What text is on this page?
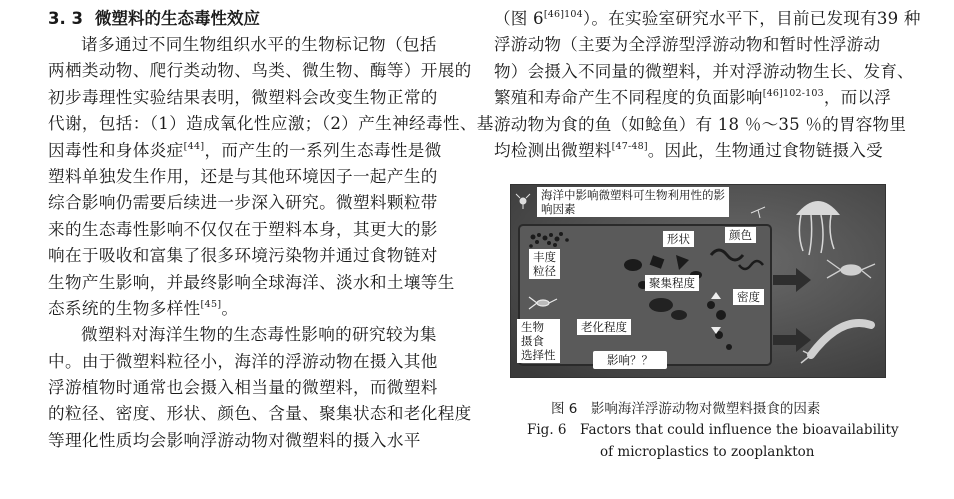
3. 3 微塑料的生态毒性效应
诸多通过不同生物组织水平的生物标记物（包括
两栖类动物、爬行类动物、鸟类、微生物、酶等）开展的
初步毒理性实验结果表明，微塑料会改变生物正常的
代谢，包括：（1）造成氧化性应激；（2）产生神经毒性、基
因毒性和身体炎症[44]，而产生的一系列生态毒性是微
塑料单独发生作用，还是与其他环境因子一起产生的
综合影响仍需要后续进一步深入研究。微塑料颗粒带
来的生态毒性影响不仅仅在于塑料本身，其更大的影
响在于吸收和富集了很多环境污染物并通过食物链对
生物产生影响，并最终影响全球海洋、淡水和土壤等生
态系统的生物多样性[45]。
微塑料对海洋生物的生态毒性影响的研究较为集
中。由于微塑料粒径小，海洋的浮游动物在摄入其他
浮游植物时通常也会摄入相当量的微塑料，而微塑料
的粒径、密度、形状、颜色、含量、聚集状态和老化程度
等理化性质均会影响浮游动物对微塑料的摄入水平
（图 $6^{[46]104}$）。在实验室研究水平下，目前已发现有39 种
浮游动物（主要为全浮游型浮游动物和暂时性浮游动
物）会摄入不同量的微塑料，并对浮游动物生长、发育、
繁殖和寿命产生不同程度的负面影响$^{[46]102-103}$，而以浮
游动物为食的鱼（如鲶鱼）有 18 ％～35 ％的胃容物里
均检测出微塑料[47-48]。因此，生物通过食物链摄入受
海洋中影响微塑料可生物利用性的影
响因素
形状	颜色
丰度
粒径
聚集程度
密度
老化程度
生物
摄食
选择性	影响？？
图 6　影响海洋浮游动物对微塑料摄食的因素
Fig. 6　Factors that could influence the bioavailability
of microplastics to zooplankton
